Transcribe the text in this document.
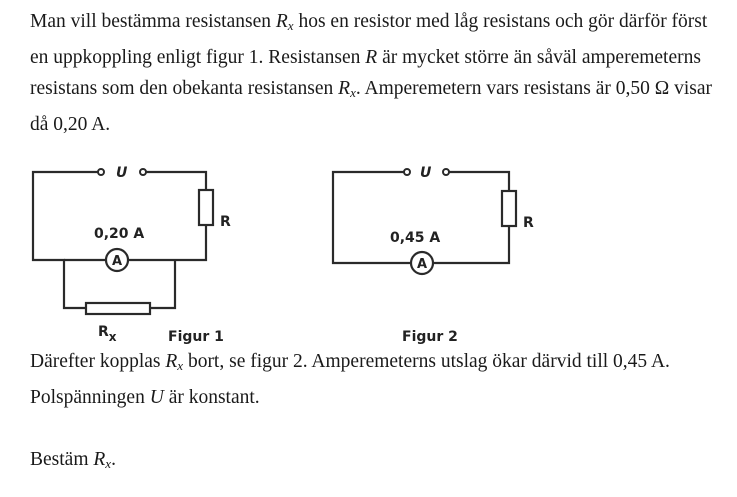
Man vill bestämma resistansen $R_x$ hos en resistor med låg resistans och gör därför först en uppkoppling enligt figur 1. Resistansen R är mycket större än såväl amperemeterns resistans som den obekanta resistansen $R_x$. Amperemetern vars resistans är 0,50 Ω visar då 0,20 A.

U
R
0,20 A
A
Rx	Figur 1
U
R
0,45 A
A
Figur 2

Därefter kopplas $R_x$ bort, se figur 2. Amperemeterns utslag ökar därvid till 0,45 A. Polspänningen U är konstant.

Bestäm $R_x$.
